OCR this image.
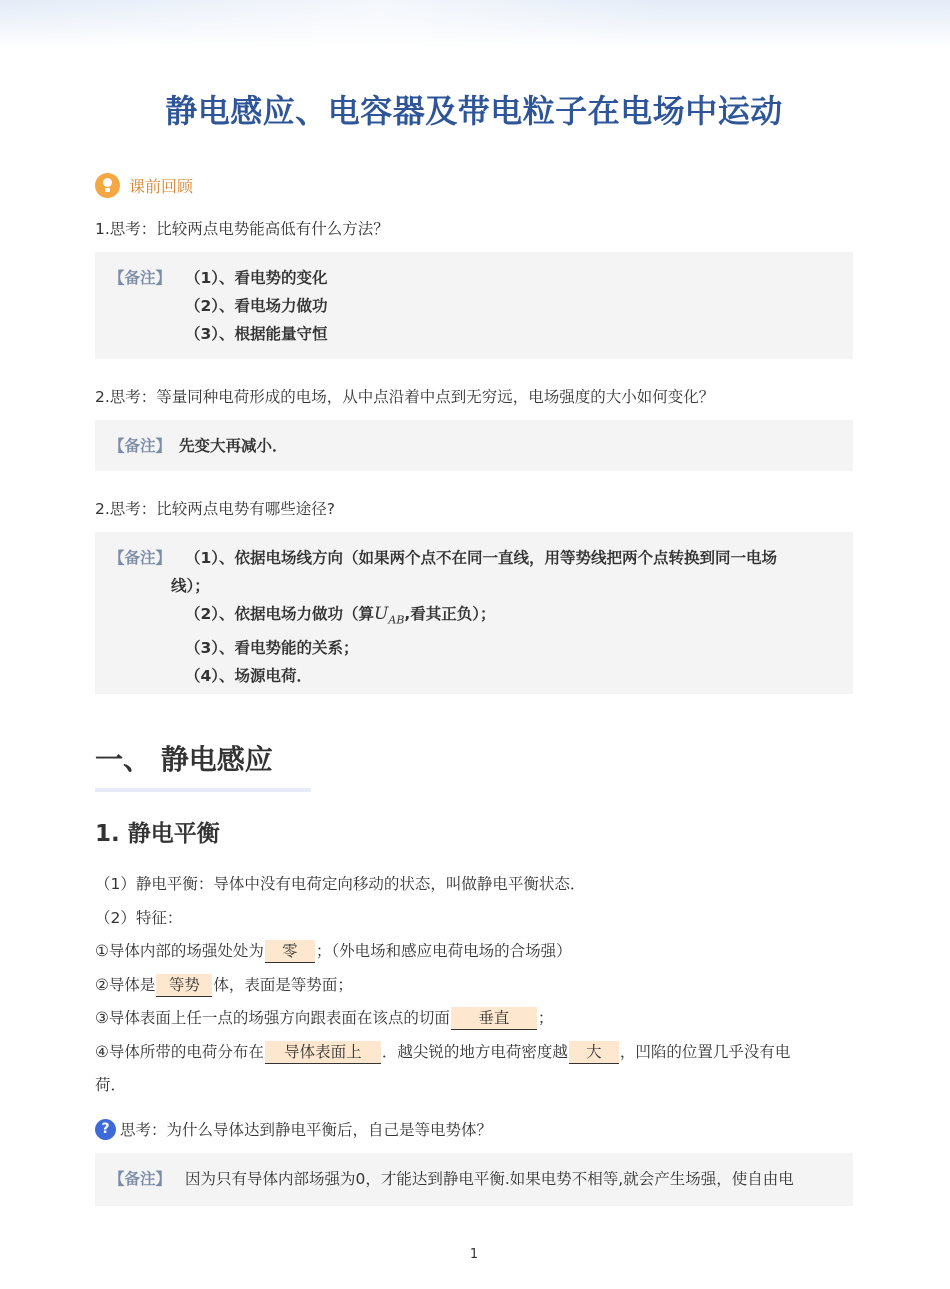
静电感应、电容器及带电粒子在电场中运动
课前回顾
1.思考：比较两点电势能高低有什么方法？
【备注】 （1）、看电势的变化
（2）、看电场力做功
（3）、根据能量守恒
2.思考：等量同种电荷形成的电场，从中点沿着中点到无穷远，电场强度的大小如何变化？
【备注】 先变大再减小．
2.思考：比较两点电势有哪些途径?
【备注】 （1）、依据电场线方向（如果两个点不在同一直线，用等势线把两个点转换到同一电场
线）；
（2）、依据电场力做功（算$U_{AB}$,看其正负）；
（3）、看电势能的关系；
（4）、场源电荷．
一、 静电感应
1. 静电平衡
（1）静电平衡：导体中没有电荷定向移动的状态，叫做静电平衡状态．
（2）特征：
①导体内部的场强处处为 零 ；（外电场和感应电荷电场的合场强）
②导体是 等势 体，表面是等势面；
③导体表面上任一点的场强方向跟表面在该点的切面 垂直 ；
④导体所带的电荷分布在 导体表面上 ．越尖锐的地方电荷密度越 大 ，凹陷的位置几乎没有电
荷．
? 思考：为什么导体达到静电平衡后，自己是等电势体？
【备注】 因为只有导体内部场强为0，才能达到静电平衡.如果电势不相等,就会产生场强，使自由电
1
